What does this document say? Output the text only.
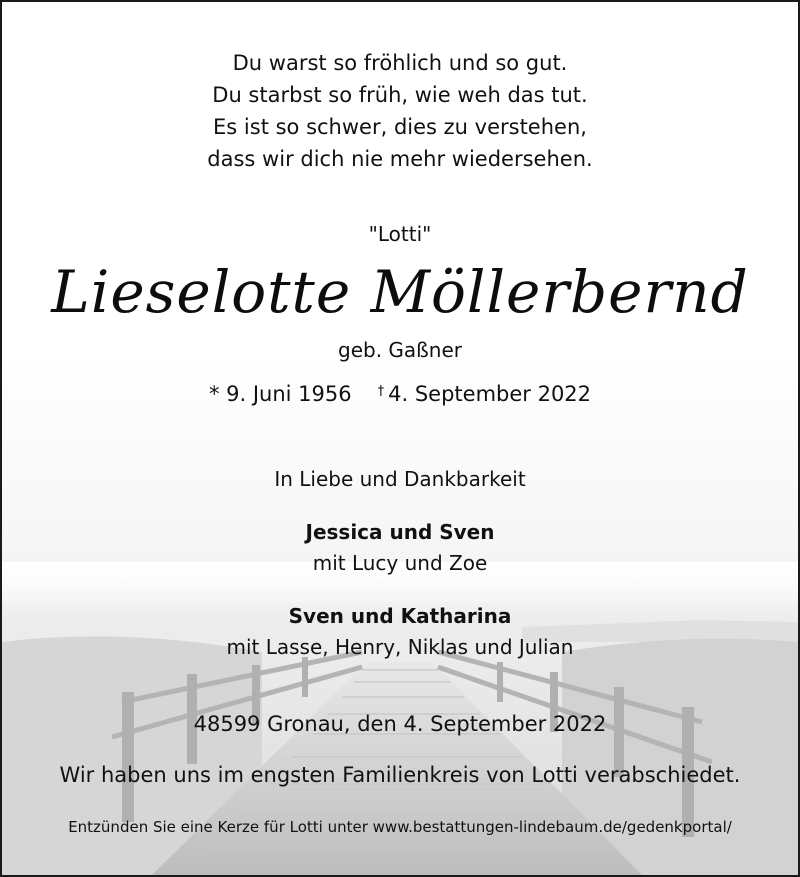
Du warst so fröhlich und so gut.
Du starbst so früh, wie weh das tut.
Es ist so schwer, dies zu verstehen,
dass wir dich nie mehr wiedersehen.
"Lotti"
Lieselotte Möllerbernd
geb. Gaßner
* 9. Juni 1956 † 4. September 2022
In Liebe und Dankbarkeit
Jessica und Sven
mit Lucy und Zoe
Sven und Katharina
mit Lasse, Henry, Niklas und Julian
48599 Gronau, den 4. September 2022
Wir haben uns im engsten Familienkreis von Lotti verabschiedet.
Entzünden Sie eine Kerze für Lotti unter www.bestattungen-lindebaum.de/gedenkportal/
